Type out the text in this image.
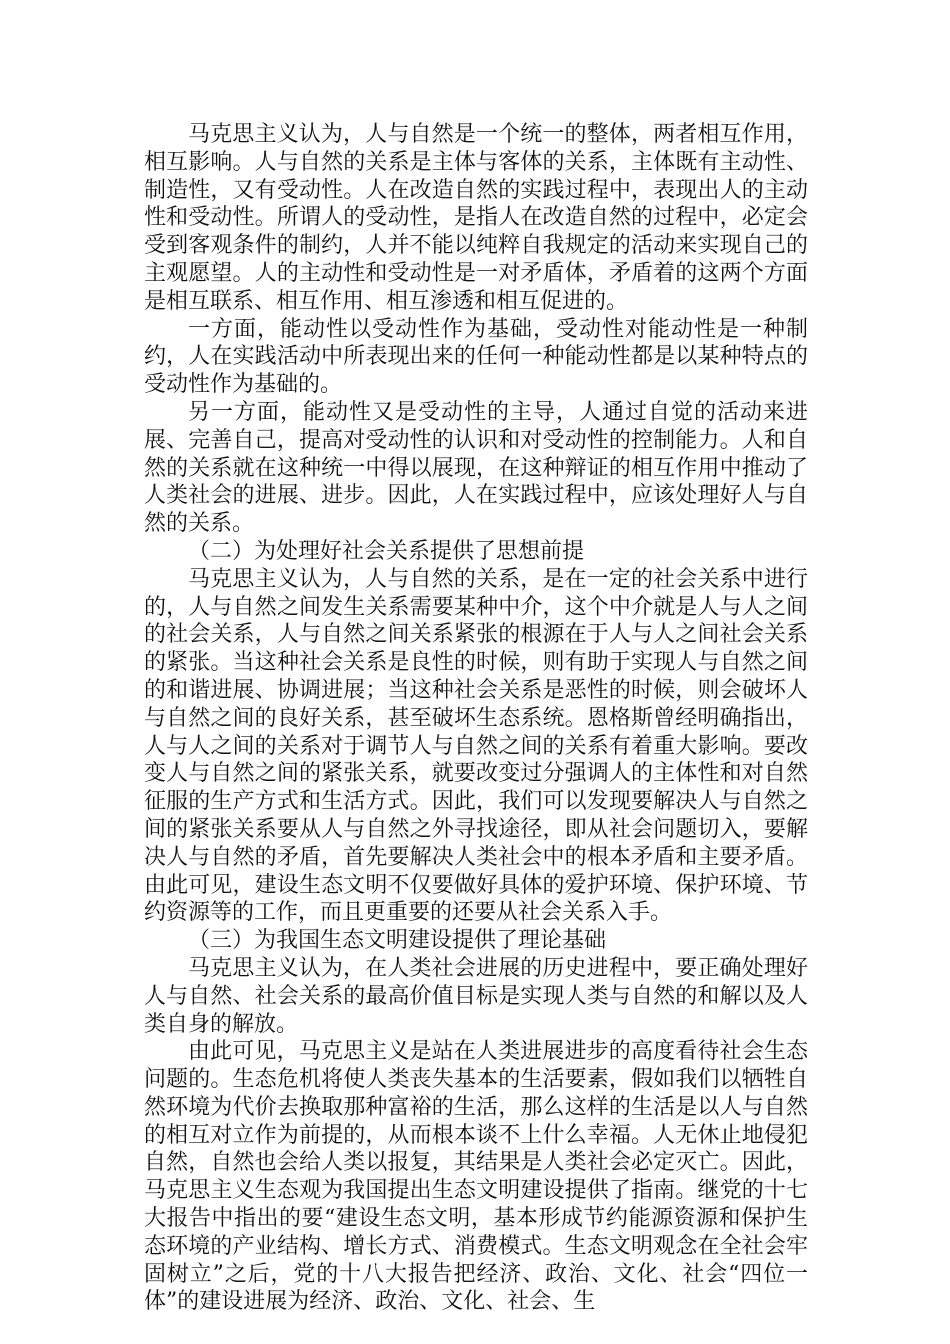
马克思主义认为，人与自然是一个统一的整体，两者相互作用，相互影响。人与自然的关系是主体与客体的关系，主体既有主动性、制造性，又有受动性。人在改造自然的实践过程中，表现出人的主动性和受动性。所谓人的受动性，是指人在改造自然的过程中，必定会受到客观条件的制约，人并不能以纯粹自我规定的活动来实现自己的主观愿望。人的主动性和受动性是一对矛盾体，矛盾着的这两个方面是相互联系、相互作用、相互渗透和相互促进的。

一方面，能动性以受动性作为基础，受动性对能动性是一种制约，人在实践活动中所表现出来的任何一种能动性都是以某种特点的受动性作为基础的。

另一方面，能动性又是受动性的主导，人通过自觉的活动来进展、完善自己，提高对受动性的认识和对受动性的控制能力。人和自然的关系就在这种统一中得以展现，在这种辩证的相互作用中推动了人类社会的进展、进步。因此，人在实践过程中，应该处理好人与自然的关系。

（二）为处理好社会关系提供了思想前提

马克思主义认为，人与自然的关系，是在一定的社会关系中进行的，人与自然之间发生关系需要某种中介，这个中介就是人与人之间的社会关系，人与自然之间关系紧张的根源在于人与人之间社会关系的紧张。当这种社会关系是良性的时候，则有助于实现人与自然之间的和谐进展、协调进展；当这种社会关系是恶性的时候，则会破坏人与自然之间的良好关系，甚至破坏生态系统。恩格斯曾经明确指出，人与人之间的关系对于调节人与自然之间的关系有着重大影响。要改变人与自然之间的紧张关系，就要改变过分强调人的主体性和对自然征服的生产方式和生活方式。因此，我们可以发现要解决人与自然之间的紧张关系要从人与自然之外寻找途径，即从社会问题切入，要解决人与自然的矛盾，首先要解决人类社会中的根本矛盾和主要矛盾。由此可见，建设生态文明不仅要做好具体的爱护环境、保护环境、节约资源等的工作，而且更重要的还要从社会关系入手。

（三）为我国生态文明建设提供了理论基础

马克思主义认为，在人类社会进展的历史进程中，要正确处理好人与自然、社会关系的最高价值目标是实现人类与自然的和解以及人类自身的解放。

由此可见，马克思主义是站在人类进展进步的高度看待社会生态问题的。生态危机将使人类丧失基本的生活要素，假如我们以牺牲自然环境为代价去换取那种富裕的生活，那么这样的生活是以人与自然的相互对立作为前提的，从而根本谈不上什么幸福。人无休止地侵犯自然，自然也会给人类以报复，其结果是人类社会必定灭亡。因此，马克思主义生态观为我国提出生态文明建设提供了指南。继党的十七大报告中指出的要“建设生态文明，基本形成节约能源资源和保护生态环境的产业结构、增长方式、消费模式。生态文明观念在全社会牢固树立”之后，党的十八大报告把经济、政治、文化、社会“四位一体”的建设进展为经济、政治、文化、社会、生
